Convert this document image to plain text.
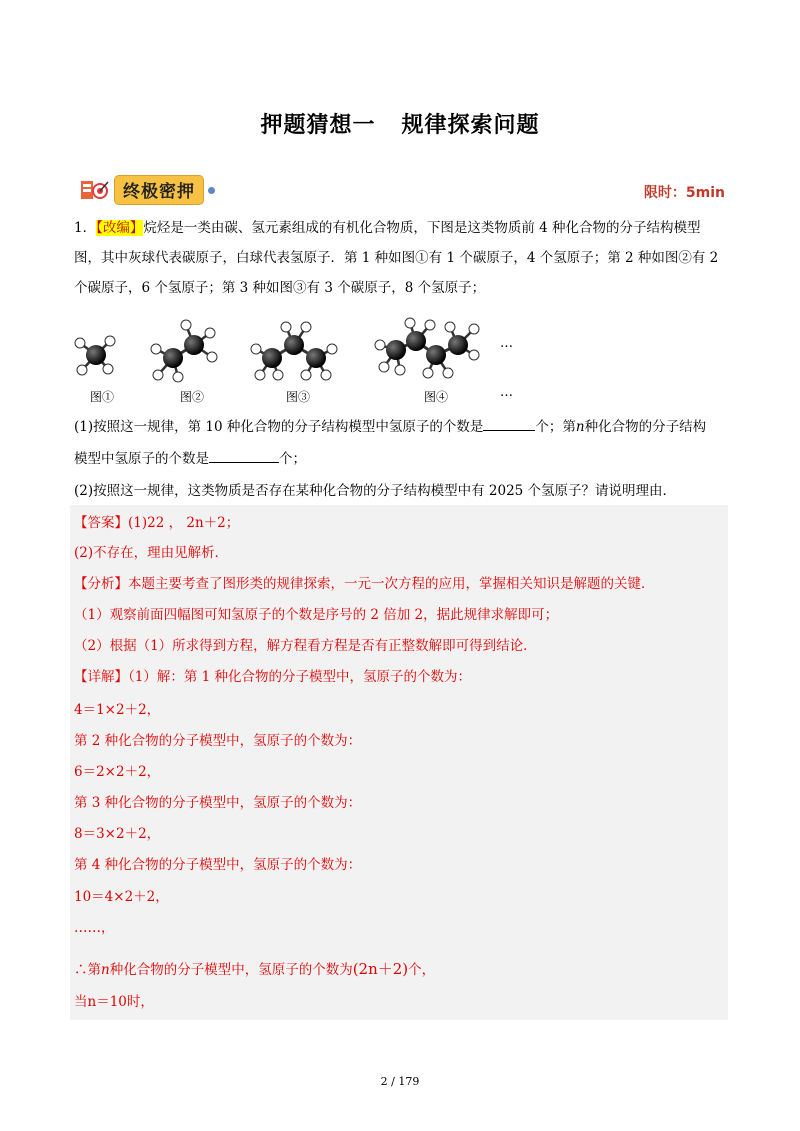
押题猜想一 规律探索问题
终极密押	限时：5min
1．【改编】烷烃是一类由碳、氢元素组成的有机化合物质，下图是这类物质前 4 种化合物的分子结构模型
图，其中灰球代表碳原子，白球代表氢原子．第 1 种如图①有 1 个碳原子，4 个氢原子；第 2 种如图②有 2
个碳原子，6 个氢原子；第 3 种如图③有 3 个碳原子，8 个氢原子；
…
图①	图②	图③	图④	…
(1)按照这一规律，第 10 种化合物的分子结构模型中氢原子的个数是	个；第n种化合物的分子结构
模型中氢原子的个数是	个；
(2)按照这一规律，这类物质是否存在某种化合物的分子结构模型中有 2025 个氢原子？请说明理由．
【答案】(1)22 ， 2n＋2；
(2)不存在，理由见解析．
【分析】本题主要考查了图形类的规律探索，一元一次方程的应用，掌握相关知识是解题的关键．
（1）观察前面四幅图可知氢原子的个数是序号的 2 倍加 2，据此规律求解即可；
（2）根据（1）所求得到方程，解方程看方程是否有正整数解即可得到结论．
【详解】（1）解：第 1 种化合物的分子模型中，氢原子的个数为：
4＝1×2＋2，
第 2 种化合物的分子模型中，氢原子的个数为：
6＝2×2＋2，
第 3 种化合物的分子模型中，氢原子的个数为：
8＝3×2＋2，
第 4 种化合物的分子模型中，氢原子的个数为：
10＝4×2＋2，
……，
∴第n种化合物的分子模型中，氢原子的个数为(2n＋2)个，
当n＝10时，
2 / 179
